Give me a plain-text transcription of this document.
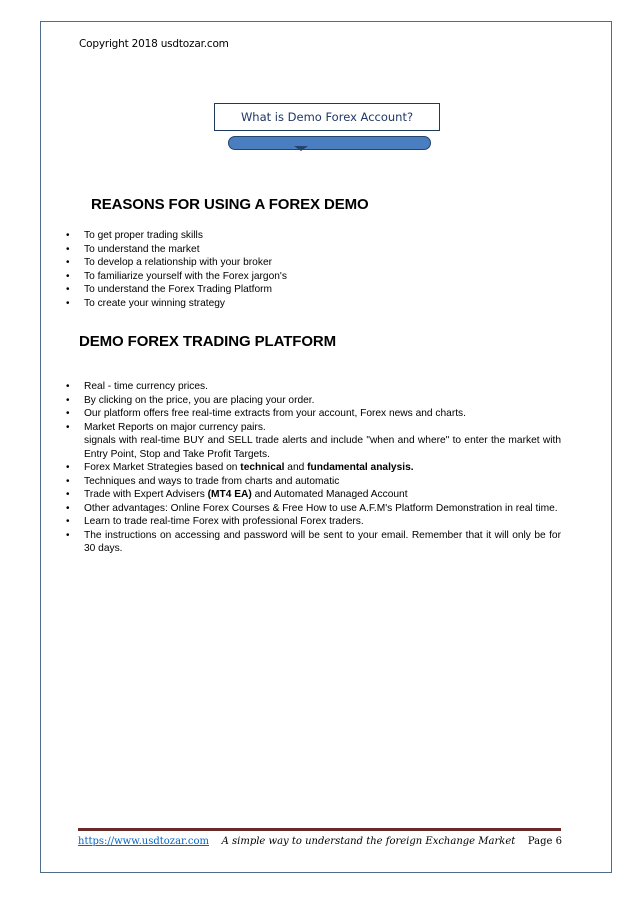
Copyright 2018 usdtozar.com
What is Demo Forex Account?
REASONS FOR USING A FOREX DEMO
• To get proper trading skills
• To understand the market
• To develop a relationship with your broker
• To familiarize yourself with the Forex jargon's
• To understand the Forex Trading Platform
• To create your winning strategy
DEMO FOREX TRADING PLATFORM
• Real - time currency prices.
• By clicking on the price, you are placing your order.
• Our platform offers free real-time extracts from your account, Forex news and charts.
• Market Reports on major currency pairs.
signals with real-time BUY and SELL trade alerts and include "when and where" to enter the market with Entry Point, Stop and Take Profit Targets.
• Forex Market Strategies based on technical and fundamental analysis.
• Techniques and ways to trade from charts and automatic
• Trade with Expert Advisers (MT4 EA) and Automated Managed Account
• Other advantages: Online Forex Courses & Free How to use A.F.M's Platform Demonstration in real time.
• Learn to trade real-time Forex with professional Forex traders.
• The instructions on accessing and password will be sent to your email. Remember that it will only be for 30 days.
https://www.usdtozar.com A simple way to understand the foreign Exchange Market Page 6
